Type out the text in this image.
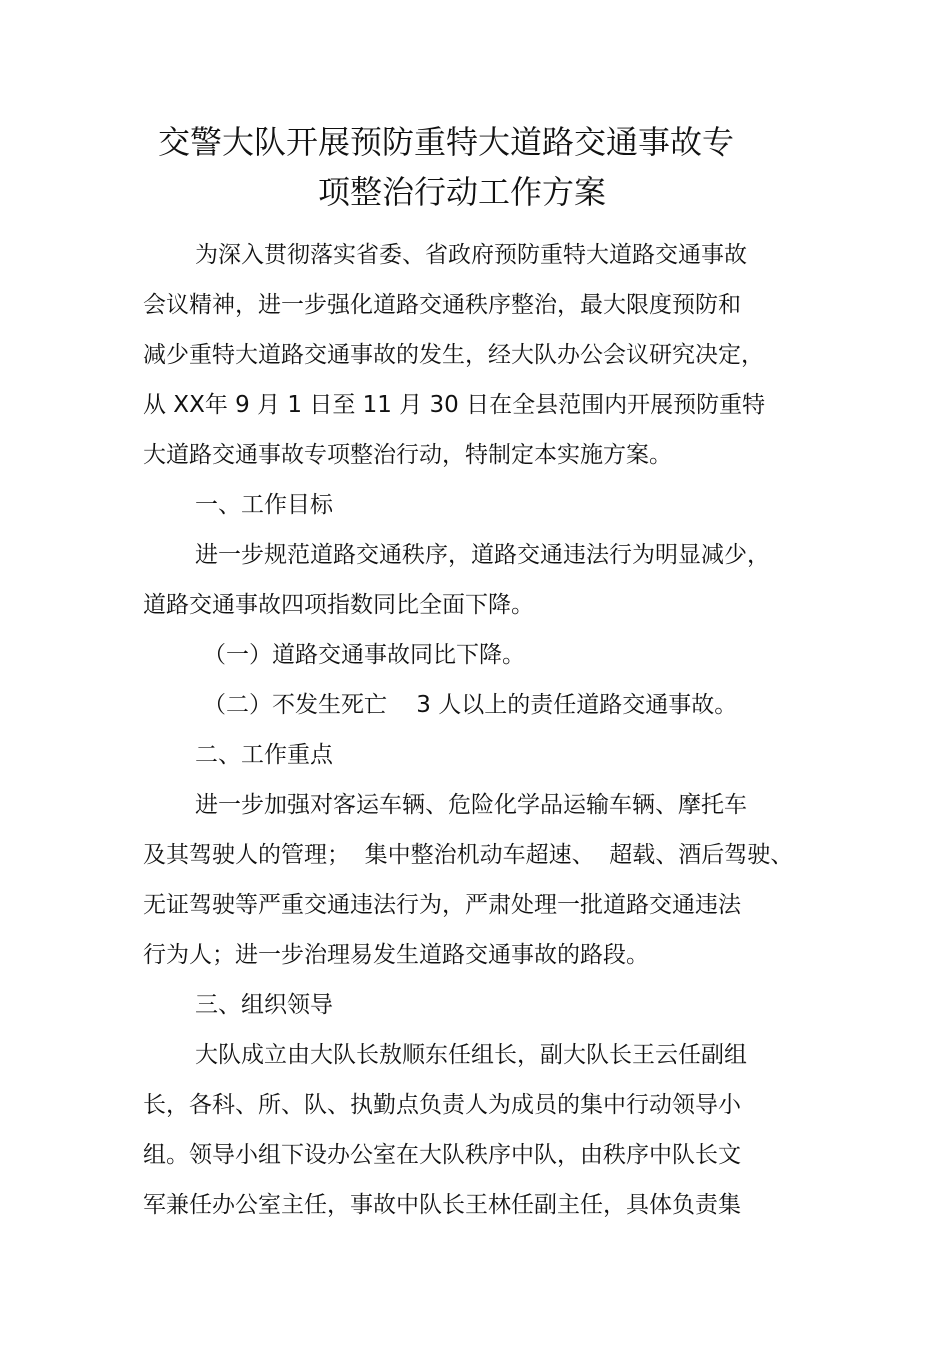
交警大队开展预防重特大道路交通事故专
项整治行动工作方案
为深入贯彻落实省委、省政府预防重特大道路交通事故
会议精神，进一步强化道路交通秩序整治，最大限度预防和
减少重特大道路交通事故的发生，经大队办公会议研究决定，
从 XX年 9 月 1 日至 11 月 30 日在全县范围内开展预防重特
大道路交通事故专项整治行动，特制定本实施方案。
一、工作目标
进一步规范道路交通秩序，道路交通违法行为明显减少，
道路交通事故四项指数同比全面下降。
（一）道路交通事故同比下降。
（二）不发生死亡    3 人以上的责任道路交通事故。
二、工作重点
进一步加强对客运车辆、危险化学品运输车辆、摩托车
及其驾驶人的管理；  集中整治机动车超速、  超载、酒后驾驶、
无证驾驶等严重交通违法行为，严肃处理一批道路交通违法
行为人；进一步治理易发生道路交通事故的路段。
三、组织领导
大队成立由大队长敖顺东任组长，副大队长王云任副组
长，各科、所、队、执勤点负责人为成员的集中行动领导小
组。领导小组下设办公室在大队秩序中队，由秩序中队长文
军兼任办公室主任，事故中队长王林任副主任，具体负责集
